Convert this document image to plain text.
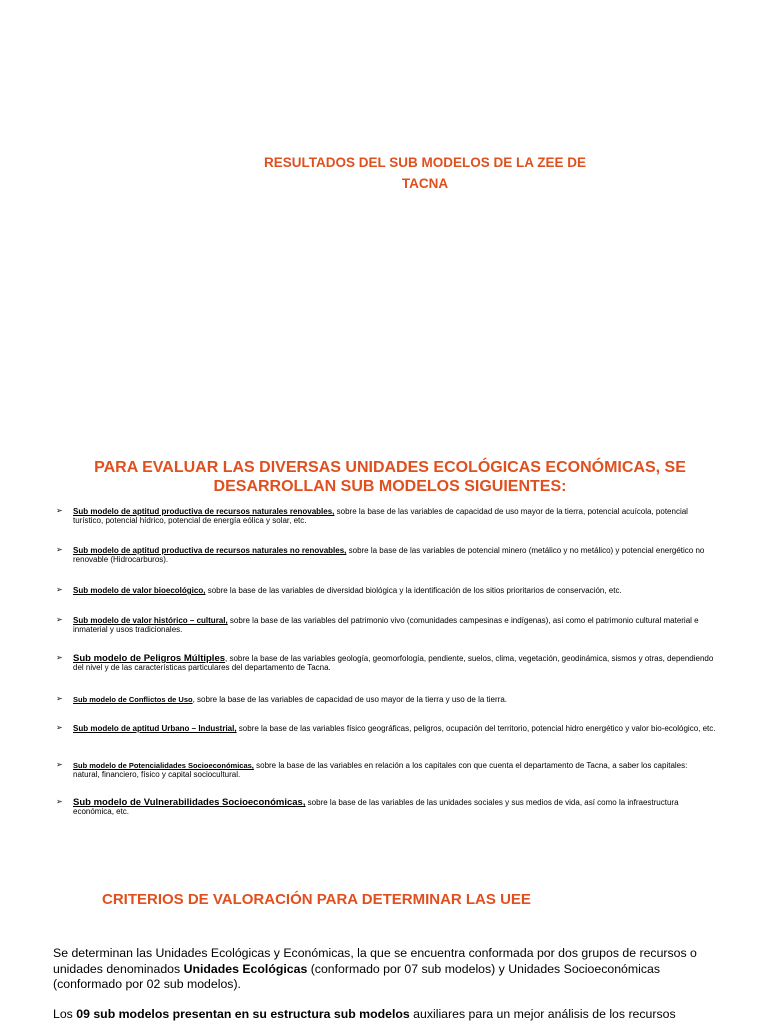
RESULTADOS DEL SUB MODELOS DE LA ZEE DE
TACNA
PARA EVALUAR LAS DIVERSAS UNIDADES ECOLÓGICAS ECONÓMICAS, SE
DESARROLLAN SUB MODELOS SIGUIENTES:
➢ Sub modelo de aptitud productiva de recursos naturales renovables, sobre la base de las variables de capacidad de uso mayor de la tierra, potencial acuícola, potencial turístico, potencial hídrico, potencial de energía eólica y solar, etc.
➢ Sub modelo de aptitud productiva de recursos naturales no renovables, sobre la base de las variables de potencial minero (metálico y no metálico) y potencial energético no renovable (Hidrocarburos).
➢ Sub modelo de valor bioecológico, sobre la base de las variables de diversidad biológica y la identificación de los sitios prioritarios de conservación, etc.
➢ Sub modelo de valor histórico – cultural, sobre la base de las variables del patrimonio vivo (comunidades campesinas e indígenas), así como el patrimonio cultural material e inmaterial y usos tradicionales.
➢ Sub modelo de Peligros Múltiples, sobre la base de las variables geología, geomorfología, pendiente, suelos, clima, vegetación, geodinámica, sismos y otras, dependiendo del nivel y de las características particulares del departamento de Tacna.
➢ Sub modelo de Conflictos de Uso, sobre la base de las variables de capacidad de uso mayor de la tierra y uso de la tierra.
➢ Sub modelo de aptitud Urbano – Industrial, sobre la base de las variables físico geográficas, peligros, ocupación del territorio, potencial hidro energético y valor bio-ecológico, etc.
➢ Sub modelo de Potencialidades Socioeconómicas, sobre la base de las variables en relación a los capitales con que cuenta el departamento de Tacna, a saber los capitales: natural, financiero, físico y capital sociocultural.
➢ Sub modelo de Vulnerabilidades Socioeconómicas, sobre la base de las variables de las unidades sociales y sus medios de vida, así como la infraestructura económica, etc.
CRITERIOS DE VALORACIÓN PARA DETERMINAR LAS UEE

Se determinan las Unidades Ecológicas y Económicas, la que se encuentra conformada por dos grupos de recursos o unidades denominados Unidades Ecológicas (conformado por 07 sub modelos) y Unidades Socioeconómicas (conformado por 02 sub modelos).

Los 09 sub modelos presentan en su estructura sub modelos auxiliares para un mejor análisis de los recursos
